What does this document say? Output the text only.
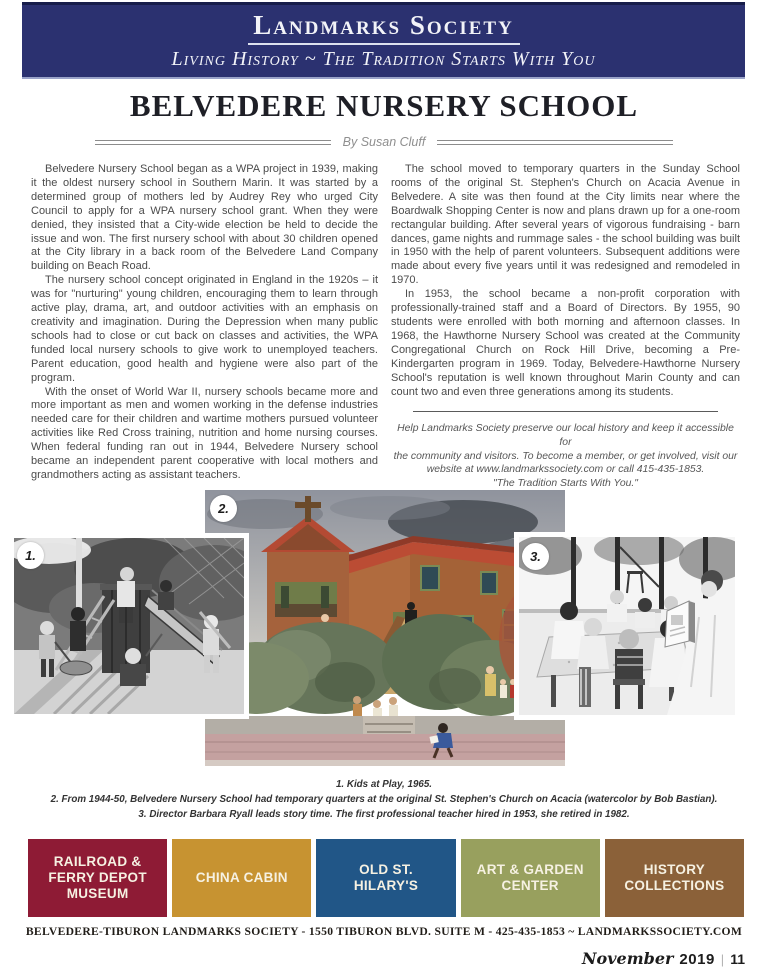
Landmarks Society
Living History ~ The Tradition Starts With You
BELVEDERE NURSERY SCHOOL
By Susan Cluff

Belvedere Nursery School began as a WPA project in 1939, making it the oldest nursery school in Southern Marin. It was started by a determined group of mothers led by Audrey Rey who urged City Council to apply for a WPA nursery school grant. When they were denied, they insisted that a City-wide election be held to decide the issue and won. The first nursery school with about 30 children opened at the City library in a back room of the Belvedere Land Company building on Beach Road.

The nursery school concept originated in England in the 1920s – it was for "nurturing" young children, encouraging them to learn through active play, drama, art, and outdoor activities with an emphasis on creativity and imagination. During the Depression when many public schools had to close or cut back on classes and activities, the WPA funded local nursery schools to give work to unemployed teachers. Parent education, good health and hygiene were also part of the program.

With the onset of World War II, nursery schools became more and more important as men and women working in the defense industries needed care for their children and wartime mothers pursued volunteer activities like Red Cross training, nutrition and home nursing courses. When federal funding ran out in 1944, Belvedere Nursery school became an independent parent cooperative with local mothers and grandmothers acting as assistant teachers.

The school moved to temporary quarters in the Sunday School rooms of the original St. Stephen's Church on Acacia Avenue in Belvedere. A site was then found at the City limits near where the Boardwalk Shopping Center is now and plans drawn up for a one-room rectangular building. After several years of vigorous fundraising - barn dances, game nights and rummage sales - the school building was built in 1950 with the help of parent volunteers. Subsequent additions were made about every five years until it was redesigned and remodeled in 1970.

In 1953, the school became a non-profit corporation with professionally-trained staff and a Board of Directors. By 1955, 90 students were enrolled with both morning and afternoon classes. In 1968, the Hawthorne Nursery School was created at the Community Congregational Church on Rock Hill Drive, becoming a Pre-Kindergarten program in 1969. Today, Belvedere-Hawthorne Nursery School's reputation is well known throughout Marin County and can count two and even three generations among its students.

Help Landmarks Society preserve our local history and keep it accessible for
the community and visitors. To become a member, or get involved, visit our
website at www.landmarkssociety.com or call 415-435-1853.
"The Tradition Starts With You."
1.
2.
3.
1. Kids at Play, 1965.
2. From 1944-50, Belvedere Nursery School had temporary quarters at the original St. Stephen's Church on Acacia (watercolor by Bob Bastian).
3. Director Barbara Ryall leads story time. The first professional teacher hired in 1953, she retired in 1982.
RAILROAD & FERRY DEPOT MUSEUM
CHINA CABIN
OLD ST. HILARY'S
ART & GARDEN CENTER
HISTORY COLLECTIONS
BELVEDERE-TIBURON LANDMARKS SOCIETY - 1550 TIBURON BLVD. SUITE M - 425-435-1853 ~ LANDMARKSSOCIETY.COM
November 2019 | 11
